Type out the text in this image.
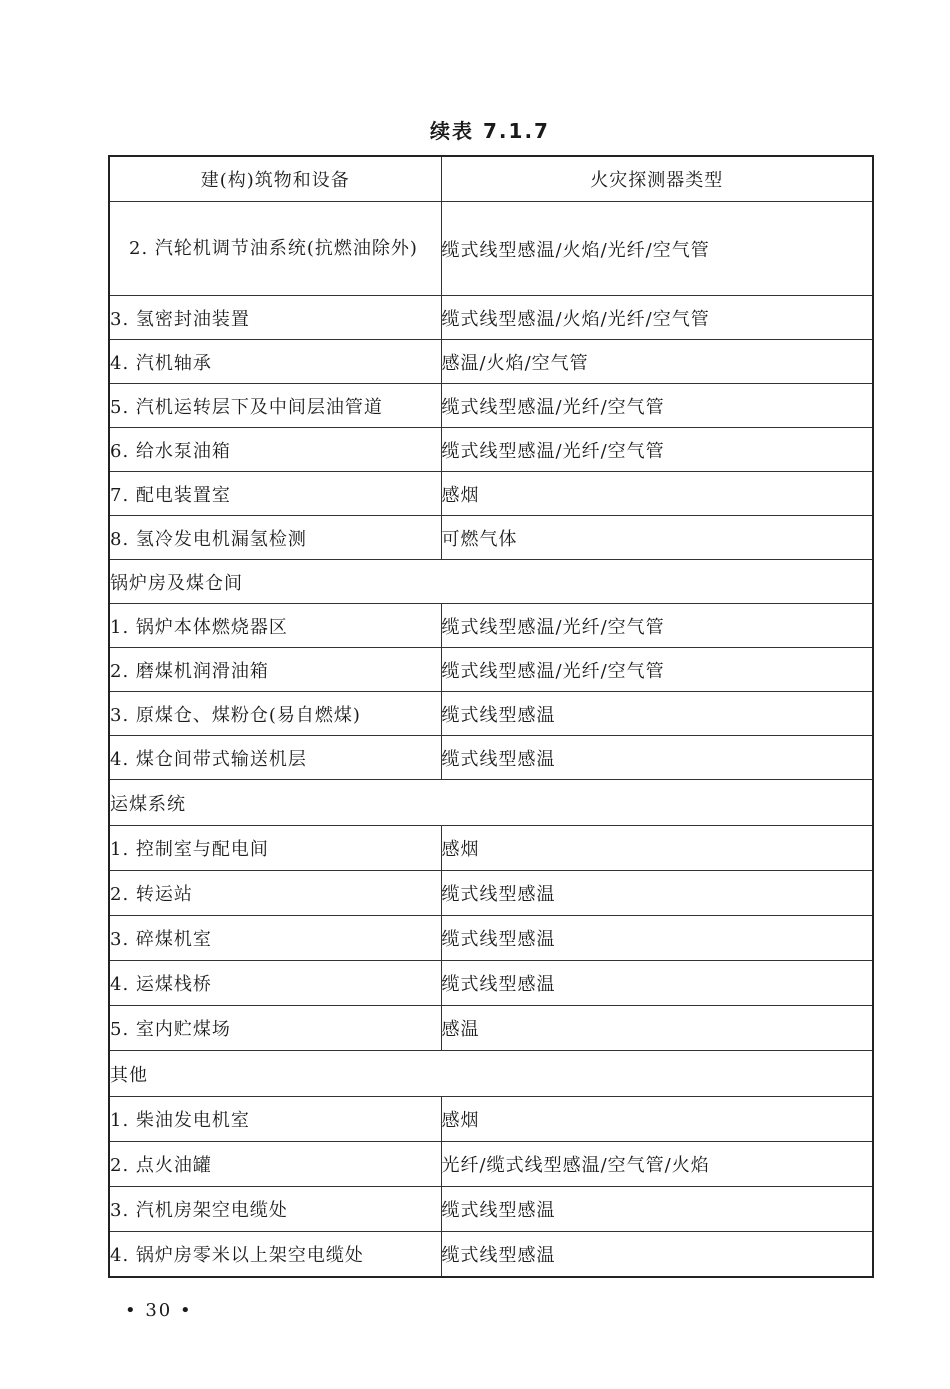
续表 7.1.7
建(构)筑物和设备	火灾探测器类型
2. 汽轮机调节油系统(抗燃油除外)	缆式线型感温/火焰/光纤/空气管
3. 氢密封油装置	缆式线型感温/火焰/光纤/空气管
4. 汽机轴承	感温/火焰/空气管
5. 汽机运转层下及中间层油管道	缆式线型感温/光纤/空气管
6. 给水泵油箱	缆式线型感温/光纤/空气管
7. 配电装置室	感烟
8. 氢冷发电机漏氢检测	可燃气体
锅炉房及煤仓间	
1. 锅炉本体燃烧器区	缆式线型感温/光纤/空气管
2. 磨煤机润滑油箱	缆式线型感温/光纤/空气管
3. 原煤仓、煤粉仓(易自燃煤)	缆式线型感温
4. 煤仓间带式输送机层	缆式线型感温
运煤系统	
1. 控制室与配电间	感烟
2. 转运站	缆式线型感温
3. 碎煤机室	缆式线型感温
4. 运煤栈桥	缆式线型感温
5. 室内贮煤场	感温
其他	
1. 柴油发电机室	感烟
2. 点火油罐	光纤/缆式线型感温/空气管/火焰
3. 汽机房架空电缆处	缆式线型感温
4. 锅炉房零米以上架空电缆处	缆式线型感温
• 30 •
